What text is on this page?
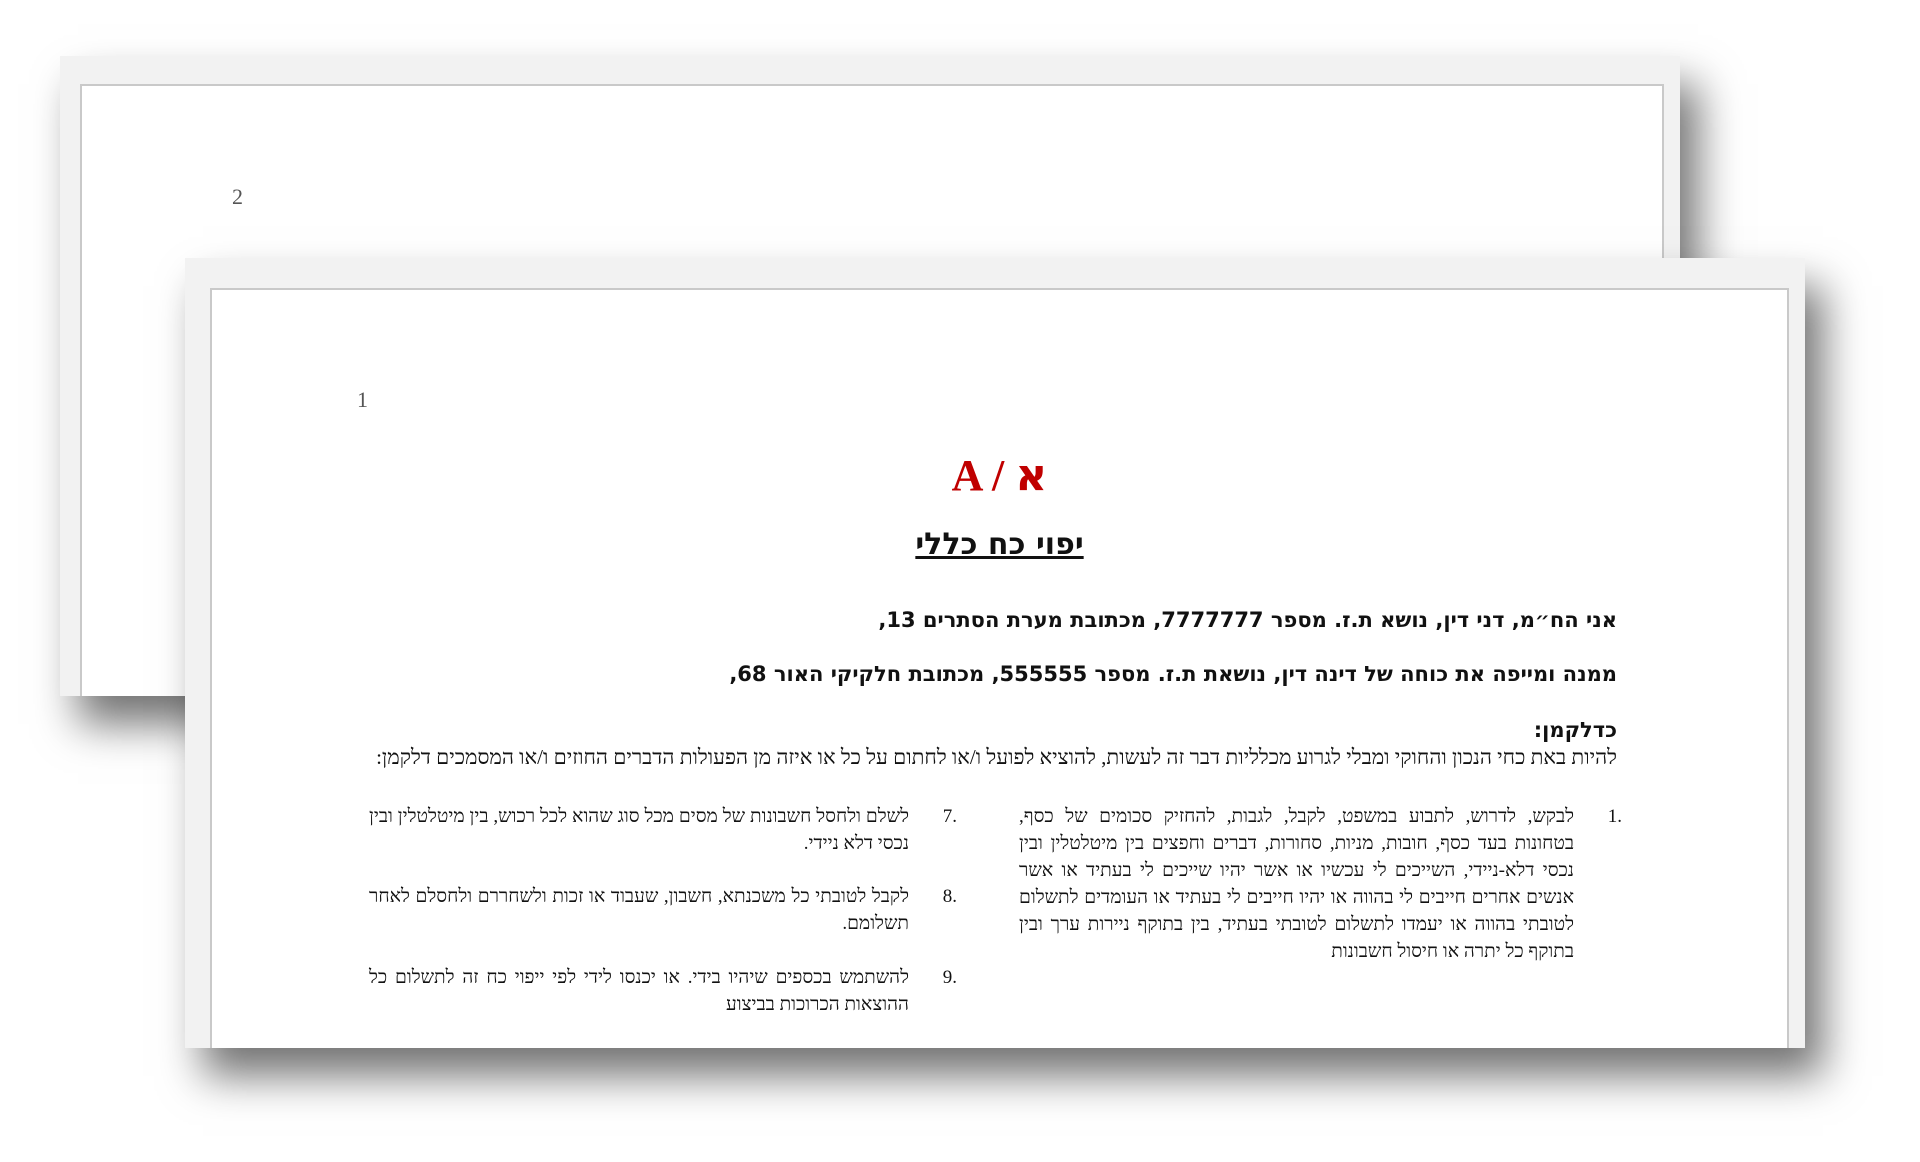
2
1
A / א
יפוי כח כללי
אני הח״מ, דני דין, נושא ת.ז. מספר 7777777, מכתובת מערת הסתרים 13,
ממנה ומייפה את כוחה של דינה דין, נושאת ת.ז. מספר 555555, מכתובת חלקיקי האור 68,
כדלקמן:
להיות באת כחי הנכון והחוקי ומבלי לגרוע מכלליות דבר זה לעשות, להוציא לפועל ו/או לחתום על כל או איזה מן הפעולות הדברים החוזים ו/או המסמכים דלקמן:
.1
לבקש, לדרוש, לתבוע במשפט, לקבל, לגבות, להחזיק סכומים של כסף, בטחונות בעד כסף, חובות, מניות, סחורות, דברים וחפצים בין מיטלטלין ובין נכסי דלא-ניידי, השייכים לי עכשיו או אשר יהיו שייכים לי בעתיד או אשר אנשים אחרים חייבים לי בהווה או יהיו חייבים לי בעתיד או העומדים לתשלום לטובתי בהווה או יעמדו לתשלום לטובתי בעתיד, בין בתוקף ניירות ערך ובין בתוקף כל יתרה או חיסול חשבונות
.7
לשלם ולחסל חשבונות של מסים מכל סוג שהוא לכל רכוש, בין מיטלטלין ובין נכסי דלא ניידי.
.8
לקבל לטובתי כל משכנתא, חשבון, שעבוד או זכות ולשחררם ולחסלם לאחר תשלומם.
.9
להשתמש בכספים שיהיו בידי. או יכנסו לידי לפי ייפוי כח זה לתשלום כל ההוצאות הכרוכות בביצוע
